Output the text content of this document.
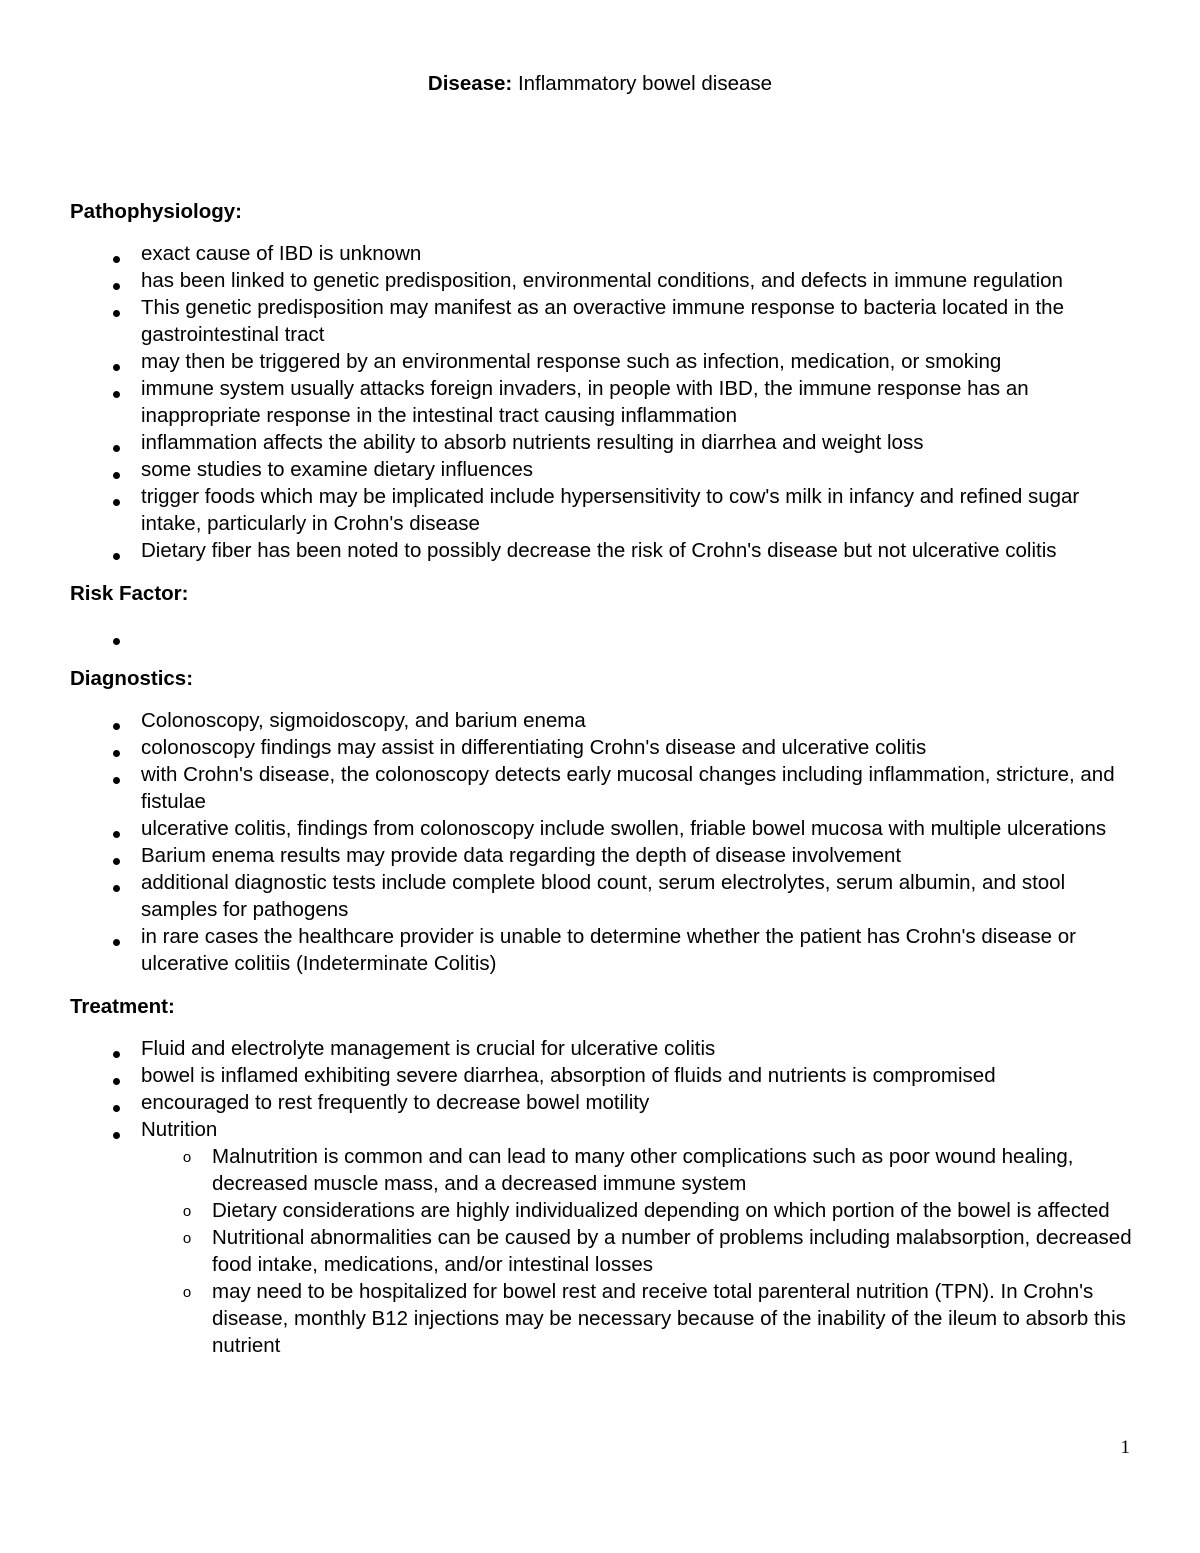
Disease: Inflammatory bowel disease

Pathophysiology:

exact cause of IBD is unknown
has been linked to genetic predisposition, environmental conditions, and defects in immune regulation
This genetic predisposition may manifest as an overactive immune response to bacteria located in the gastrointestinal tract
may then be triggered by an environmental response such as infection, medication, or smoking
immune system usually attacks foreign invaders, in people with IBD, the immune response has an inappropriate response in the intestinal tract causing inflammation
inflammation affects the ability to absorb nutrients resulting in diarrhea and weight loss
some studies to examine dietary influences
trigger foods which may be implicated include hypersensitivity to cow's milk in infancy and refined sugar intake, particularly in Crohn's disease
Dietary fiber has been noted to possibly decrease the risk of Crohn's disease but not ulcerative colitis

Risk Factor:

Diagnostics:

Colonoscopy, sigmoidoscopy, and barium enema
colonoscopy findings may assist in differentiating Crohn's disease and ulcerative colitis
with Crohn's disease, the colonoscopy detects early mucosal changes including inflammation, stricture, and fistulae
ulcerative colitis, findings from colonoscopy include swollen, friable bowel mucosa with multiple ulcerations
Barium enema results may provide data regarding the depth of disease involvement
additional diagnostic tests include complete blood count, serum electrolytes, serum albumin, and stool samples for pathogens
in rare cases the healthcare provider is unable to determine whether the patient has Crohn's disease or ulcerative colitiis (Indeterminate Colitis)

Treatment:

Fluid and electrolyte management is crucial for ulcerative colitis
bowel is inflamed exhibiting severe diarrhea, absorption of fluids and nutrients is compromised
encouraged to rest frequently to decrease bowel motility
Nutrition
o Malnutrition is common and can lead to many other complications such as poor wound healing, decreased muscle mass, and a decreased immune system
o Dietary considerations are highly individualized depending on which portion of the bowel is affected
o Nutritional abnormalities can be caused by a number of problems including malabsorption, decreased food intake, medications, and/or intestinal losses
o may need to be hospitalized for bowel rest and receive total parenteral nutrition (TPN). In Crohn's disease, monthly B12 injections may be necessary because of the inability of the ileum to absorb this nutrient
1
